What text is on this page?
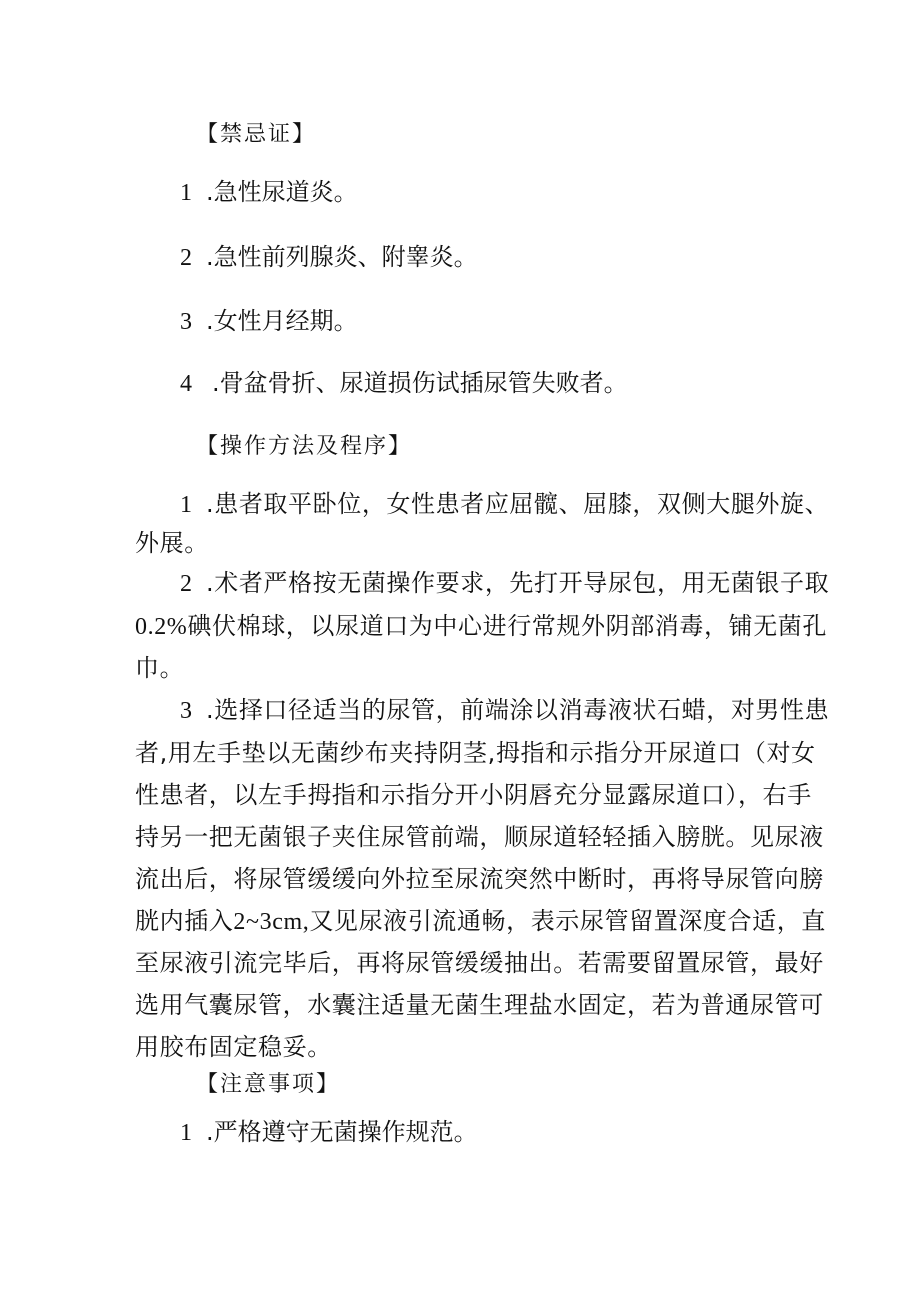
【禁忌证】
1 .急性尿道炎。
2 .急性前列腺炎、附睾炎。
3 .女性月经期。
4 .骨盆骨折、尿道损伤试插尿管失败者。
【操作方法及程序】
1 .患者取平卧位，女性患者应屈髋、屈膝，双侧大腿外旋、
外展。
2 .术者严格按无菌操作要求，先打开导尿包，用无菌银子取
0.2%碘伏棉球，以尿道口为中心进行常规外阴部消毒，铺无菌孔
巾。
3 .选择口径适当的尿管，前端涂以消毒液状石蜡，对男性患
者,用左手垫以无菌纱布夹持阴茎,拇指和示指分开尿道口（对女
性患者，以左手拇指和示指分开小阴唇充分显露尿道口），右手
持另一把无菌银子夹住尿管前端，顺尿道轻轻插入膀胱。见尿液
流出后，将尿管缓缓向外拉至尿流突然中断时，再将导尿管向膀
胱内插入2~3cm,又见尿液引流通畅，表示尿管留置深度合适，直
至尿液引流完毕后，再将尿管缓缓抽出。若需要留置尿管，最好
选用气囊尿管，水囊注适量无菌生理盐水固定，若为普通尿管可
用胶布固定稳妥。
【注意事项】
1 .严格遵守无菌操作规范。
